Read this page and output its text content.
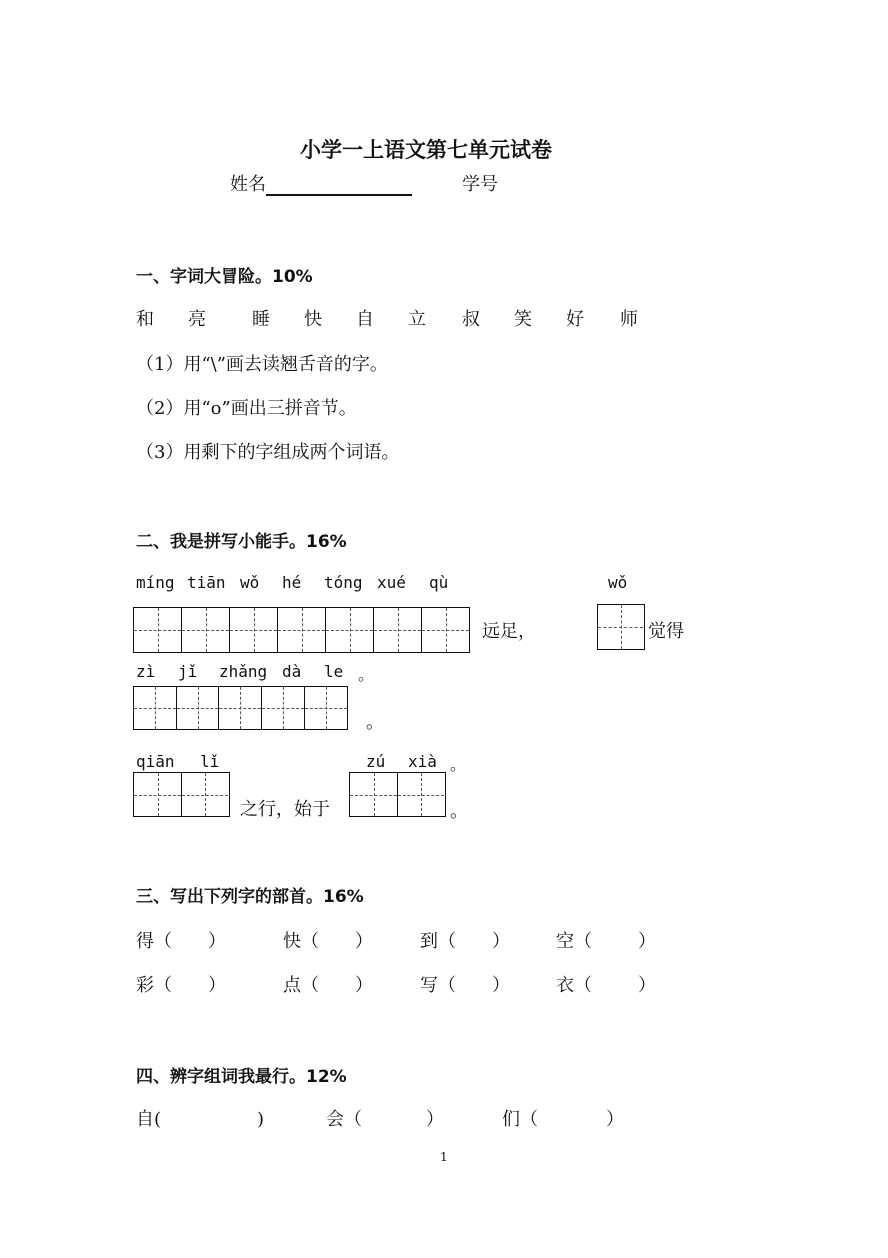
小学一上语文第七单元试卷
姓名	学号
一、字词大冒险。10%
和 亮	睡 快 自 立 叔 笑 好 师
（1）用“\”画去读翘舌音的字。
（2）用“o”画出三拼音节。
（3）用剩下的字组成两个词语。
二、我是拼写小能手。16%
míng tiān wǒ hé tóng xué qù	wǒ
远足，	觉得
zì jǐ zhǎng dà le 。
。
qiān lǐ	zú xià 。
之行，始于	。
三、写出下列字的部首。16%
得（ ）	快（ ）	到（ ）	空（	）
彩（ ）	点（ ）	写（ ）	衣（	）
四、辨字组词我最行。12%
自(	)	会（	）	们（	）
1
